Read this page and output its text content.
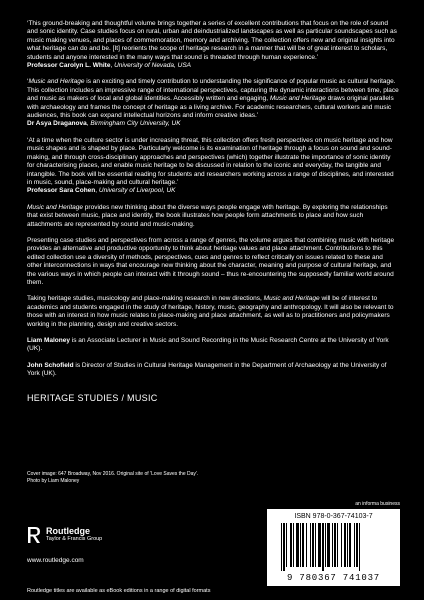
‘This ground-breaking and thoughtful volume brings together a series of excellent contributions that focus on the role of sound and sonic identity. Case studies focus on rural, urban and deindustrialized landscapes as well as particular soundscapes such as music making venues, and places of commemoration, memory and archiving. The collection offers new and original insights into what heritage can do and be. [It] reorients the scope of heritage research in a manner that will be of great interest to scholars, students and anyone interested in the many ways that sound is threaded through human experience.’

Professor Carolyn L. White, University of Nevada, USA

‘Music and Heritage is an exciting and timely contribution to understanding the significance of popular music as cultural heritage. This collection includes an impressive range of international perspectives, capturing the dynamic interactions between time, place and music as makers of local and global identities. Accessibly written and engaging, Music and Heritage draws original parallels with archaeology and frames the concept of heritage as a living archive. For academic researchers, cultural workers and music audiences, this book can expand intellectual horizons and inform creative ideas.’

Dr Asya Draganova, Birmingham City University, UK

‘At a time when the culture sector is under increasing threat, this collection offers fresh perspectives on music heritage and how music shapes and is shaped by place. Particularly welcome is its examination of heritage through a focus on sound and sound-making, and through cross-disciplinary approaches and perspectives (which) together illustrate the importance of sonic identity for characterising places, and enable music heritage to be discussed in relation to the iconic and everyday, the tangible and intangible. The book will be essential reading for students and researchers working across a range of disciplines, and interested in music, sound, place-making and cultural heritage.’

Professor Sara Cohen, University of Liverpool, UK

Music and Heritage provides new thinking about the diverse ways people engage with heritage. By exploring the relationships that exist between music, place and identity, the book illustrates how people form attachments to place and how such attachments are represented by sound and music-making.

Presenting case studies and perspectives from across a range of genres, the volume argues that combining music with heritage provides an alternative and productive opportunity to think about heritage values and place attachment. Contributions to this edited collection use a diversity of methods, perspectives, cues and genres to reflect critically on issues related to these and other interconnections in ways that encourage new thinking about the character, meaning and purpose of cultural heritage, and the various ways in which people can interact with it through sound – thus re-encountering the supposedly familiar world around them.

Taking heritage studies, musicology and place-making research in new directions, Music and Heritage will be of interest to academics and students engaged in the study of heritage, history, music, geography and anthropology. It will also be relevant to those with an interest in how music relates to place-making and place attachment, as well as to practitioners and policymakers working in the planning, design and creative sectors.

Liam Maloney is an Associate Lecturer in Music and Sound Recording in the Music Research Centre at the University of York (UK).

John Schofield is Director of Studies in Cultural Heritage Management in the Department of Archaeology at the University of York (UK).

HERITAGE STUDIES / MUSIC
Cover image: 647 Broadway, Nov 2016. Original site of ‘Love Saves the Day’.
Photo by Liam Maloney
an informa business
Routledge
Taylor & Francis Group
www.routledge.com
ISBN 978-0-367-74103-7
9 780367 741037
Routledge titles are available as eBook editions in a range of digital formats
